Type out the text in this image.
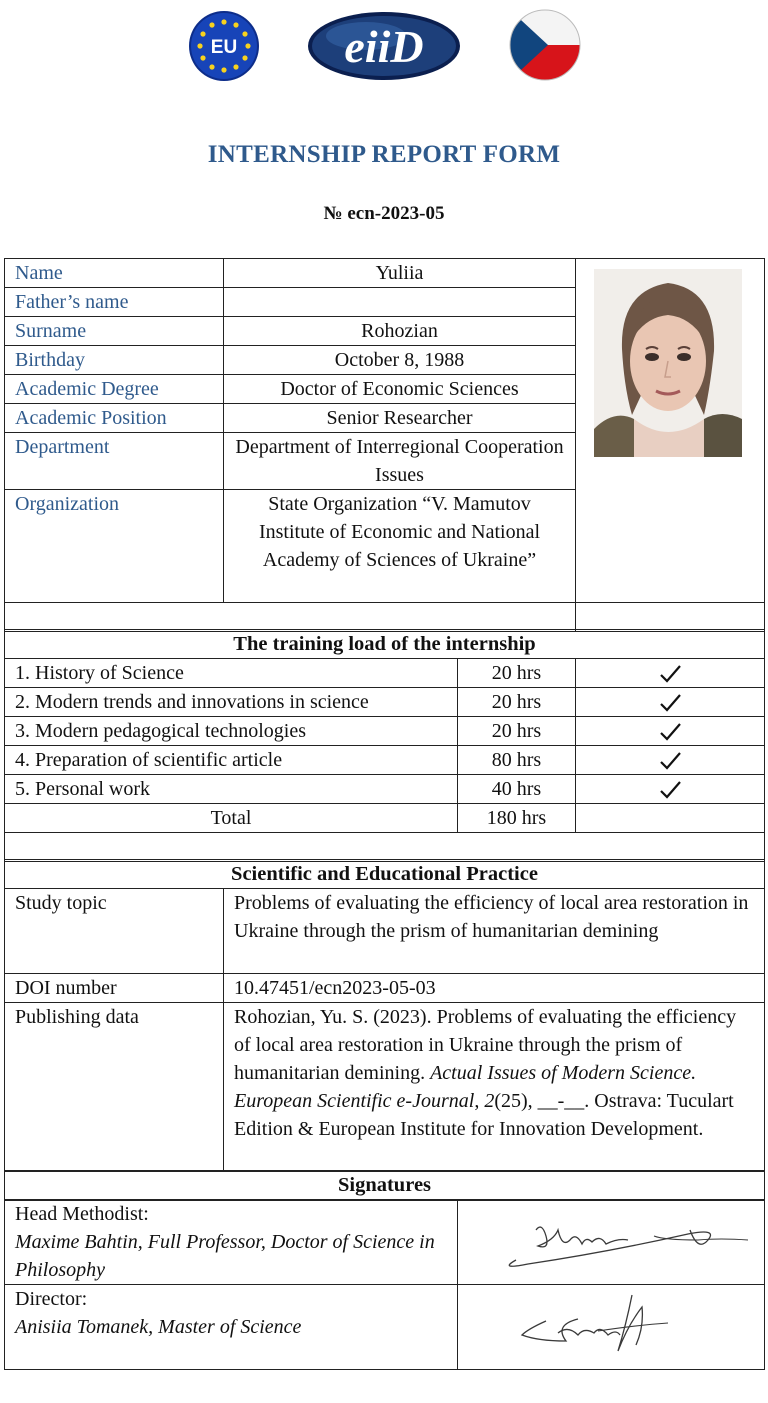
EU eiiD
INTERNSHIP REPORT FORM
№ ecn-2023-05
Name	Yuliia	

Father’s name		
Surname	Rohozian	
Birthday	October 8, 1988	
Academic Degree	Doctor of Economic Sciences	
Academic Position	Senior Researcher	
Department	Department of Interregional Cooperation Issues	
Organization	State Organization “V. Mamutov Institute of Economic and National Academy of Sciences of Ukraine”	

The training load of the internship		
1. History of Science	20 hrs	
2. Modern trends and innovations in science	20 hrs	
3. Modern pedagogical technologies	20 hrs	
4. Preparation of scientific article	80 hrs	
5. Personal work	40 hrs	
Total	180 hrs	

Scientific and Educational Practice	
Study topic	Problems of evaluating the efficiency of local area restoration in Ukraine through the prism of humanitarian demining
DOI number	10.47451/ecn2023-05-03
Publishing data	Rohozian, Yu. S. (2023). Problems of evaluating the efficiency of local area restoration in Ukraine through the prism of humanitarian demining. Actual Issues of Modern Science. European Scientific e-Journal, 2(25), __-__. Ostrava: Tuculart Edition & European Institute for Innovation Development.

Signatures	

Head Methodist:
Maxime Bahtin, Full Professor, Doctor of Science in Philosophy

Director:
Anisiia Tomanek, Master of Science
